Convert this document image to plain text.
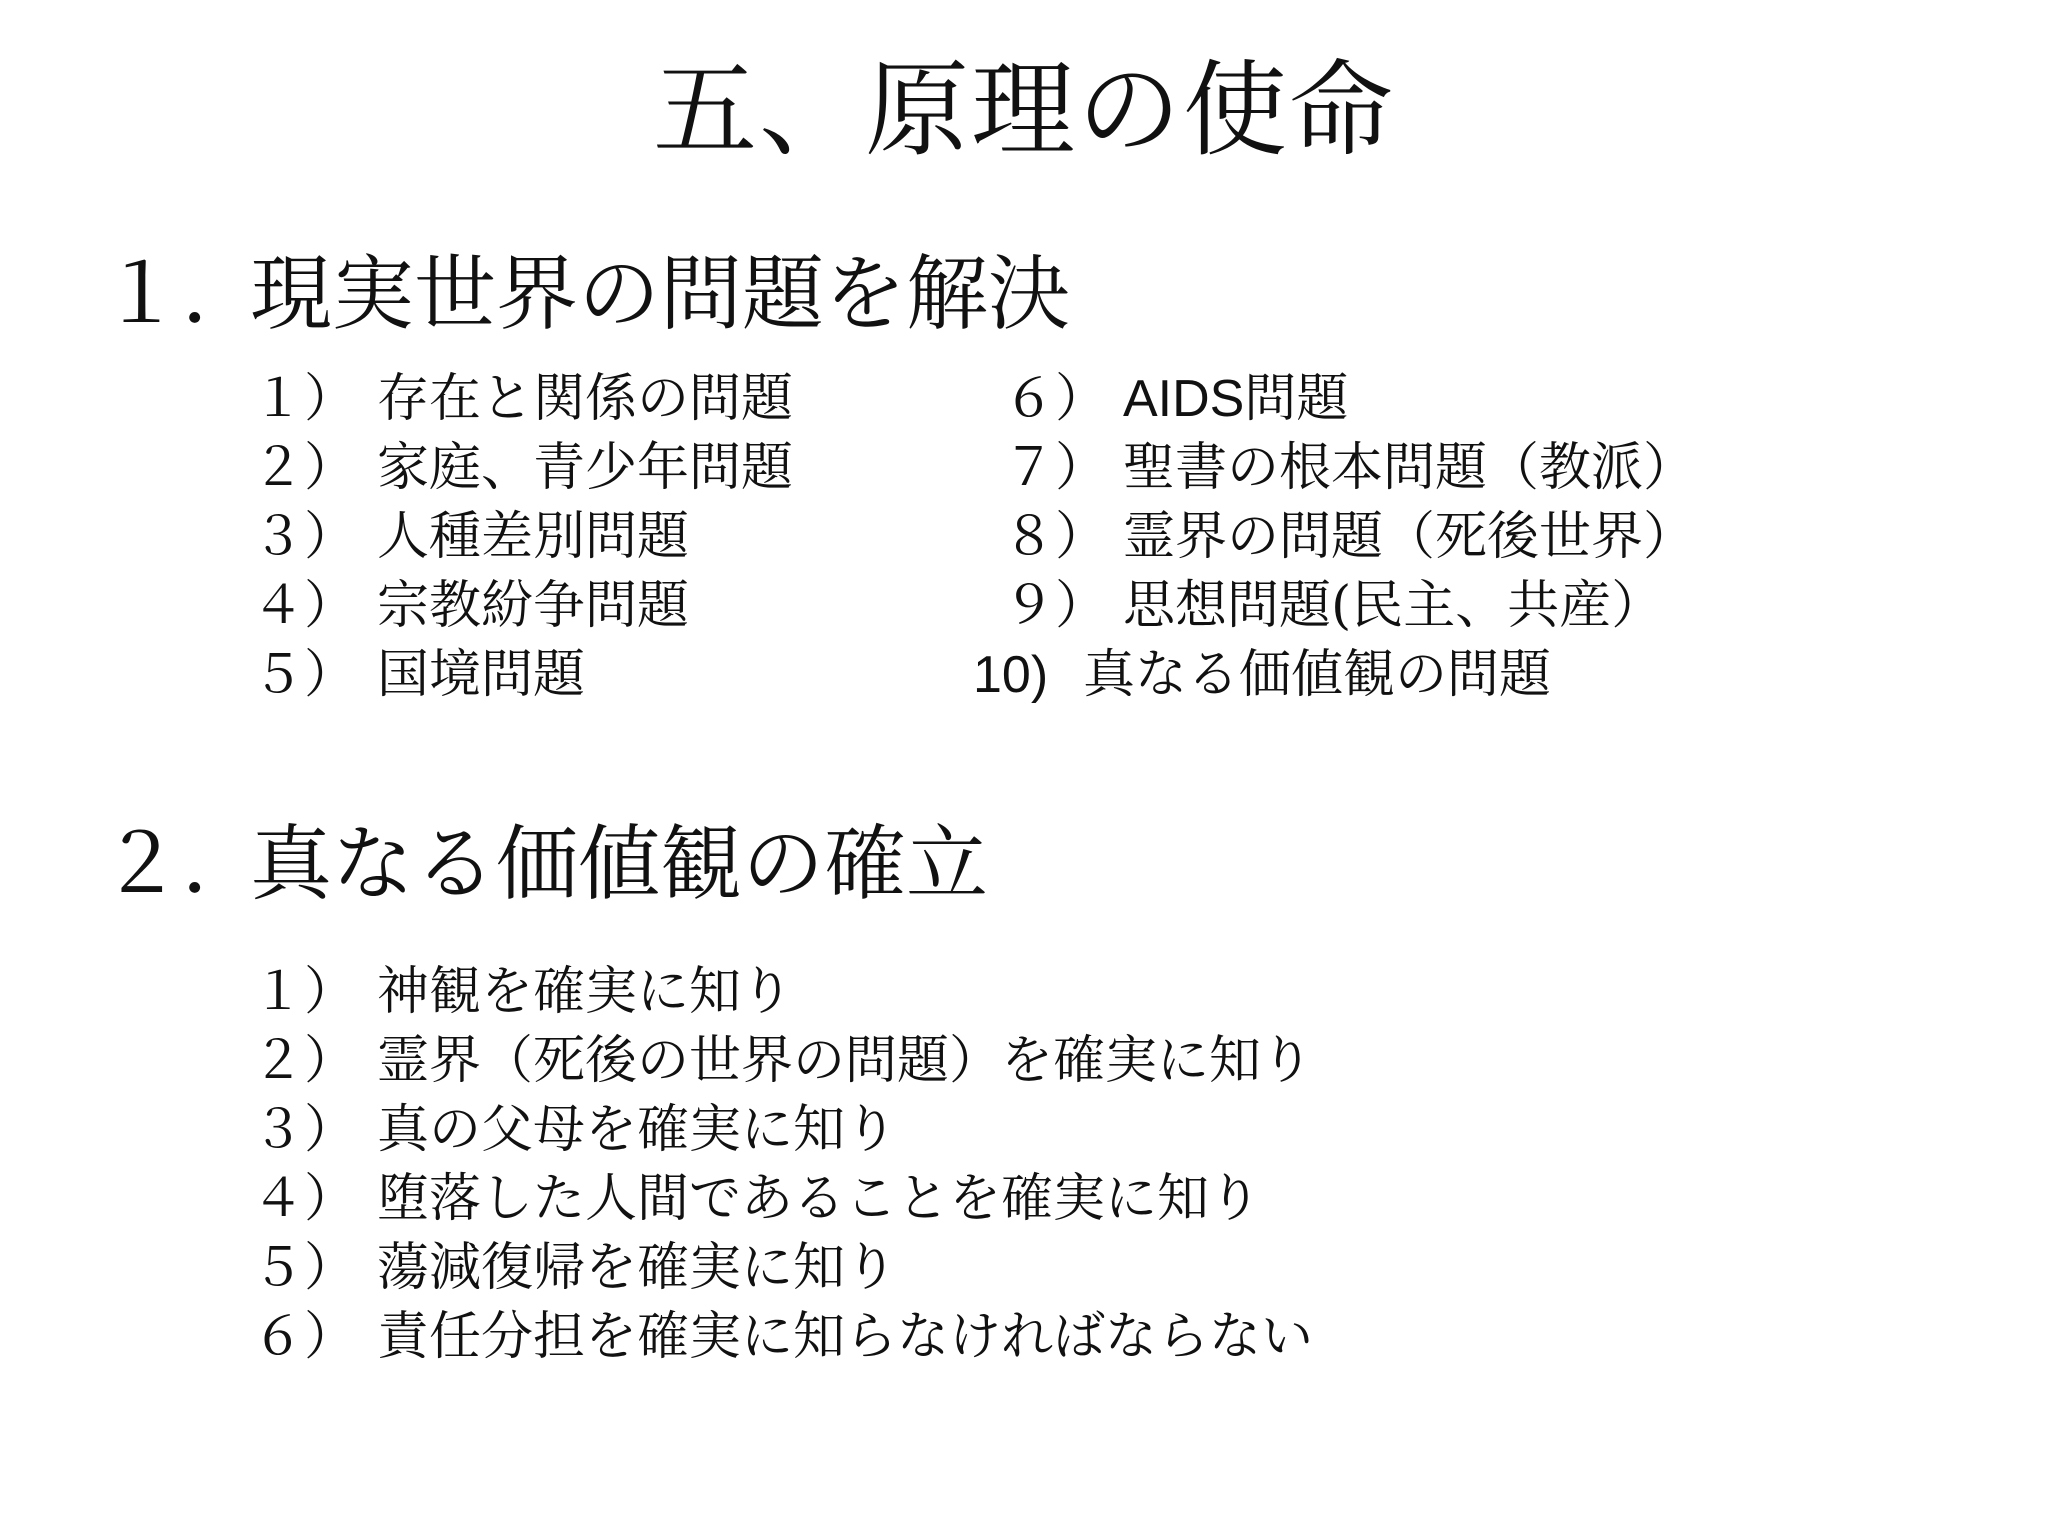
五、原理の使命
１．現実世界の問題を解決
１） 存在と関係の問題
２） 家庭、青少年問題
３） 人種差別問題
４） 宗教紛争問題
５） 国境問題
６） AIDS問題
７） 聖書の根本問題（教派）
８） 霊界の問題（死後世界）
９） 思想問題(民主、共産）
10) 真なる価値観の問題
２．真なる価値観の確立
１） 神観を確実に知り
２） 霊界（死後の世界の問題）を確実に知り
３） 真の父母を確実に知り
４） 堕落した人間であることを確実に知り
５） 蕩減復帰を確実に知り
６） 責任分担を確実に知らなければならない
